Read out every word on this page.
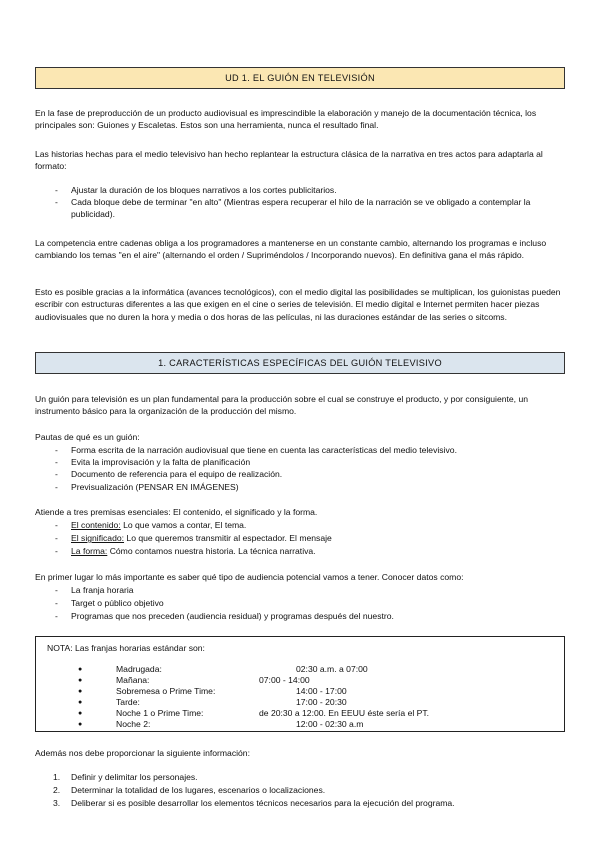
UD 1. EL GUIÓN EN TELEVISIÓN

En la fase de preproducción de un producto audiovisual es imprescindible la elaboración y manejo de la documentación técnica, los principales son: Guiones y Escaletas. Estos son una herramienta, nunca el resultado final.

Las historias hechas para el medio televisivo han hecho replantear la estructura clásica de la narrativa en tres actos para adaptarla al formato:

-	Ajustar la duración de los bloques narrativos a los cortes publicitarios.
-	Cada bloque debe de terminar "en alto" (Mientras espera recuperar el hilo de la narración se ve obligado a contemplar la publicidad).

La competencia entre cadenas obliga a los programadores a mantenerse en un constante cambio, alternando los programas e incluso cambiando los temas "en el aire" (alternando el orden / Supriméndolos / Incorporando nuevos). En definitiva gana el más rápido.

Esto es posible gracias a la informática (avances tecnológicos), con el medio digital las posibilidades se multiplican, los guionistas pueden escribir con estructuras diferentes a las que exigen en el cine o series de televisión. El medio digital e Internet permiten hacer piezas audiovisuales que no duren la hora y media o dos horas de las películas, ni las duraciones estándar de las series o sitcoms.

1. CARACTERÍSTICAS ESPECÍFICAS DEL GUIÓN TELEVISIVO

Un guión para televisión es un plan fundamental para la producción sobre el cual se construye el producto, y por consiguiente, un instrumento básico para la organización de la producción del mismo.

Pautas de qué es un guión:
-	Forma escrita de la narración audiovisual que tiene en cuenta las características del medio televisivo.
-	Evita la improvisación y la falta de planificación
-	Documento de referencia para el equipo de realización.
-	Previsualización (PENSAR EN IMÁGENES)
Atiende a tres premisas esenciales: El contenido, el significado y la forma.
-	El contenido: Lo que vamos a contar, El tema.
-	El significado: Lo que queremos transmitir al espectador. El mensaje
-	La forma: Cómo contamos nuestra historia. La técnica narrativa.
En primer lugar lo más importante es saber qué tipo de audiencia potencial vamos a tener. Conocer datos como:
-	La franja horaria
-	Target o público objetivo
-	Programas que nos preceden (audiencia residual) y programas después del nuestro.
NOTA: Las franjas horarias estándar son:
●	Madrugada:	02:30 a.m. a 07:00
●	Mañana:	07:00 - 14:00
●	Sobremesa o Prime Time:	14:00 - 17:00
●	Tarde:	17:00 - 20:30
●	Noche 1 o Prime Time:	de 20:30 a 12:00. En EEUU éste sería el PT.
●	Noche 2:	12:00 - 02:30 a.m
Además nos debe proporcionar la siguiente información:
1. Definir y delimitar los personajes.
2. Determinar la totalidad de los lugares, escenarios o localizaciones.
3. Deliberar si es posible desarrollar los elementos técnicos necesarios para la ejecución del programa.
